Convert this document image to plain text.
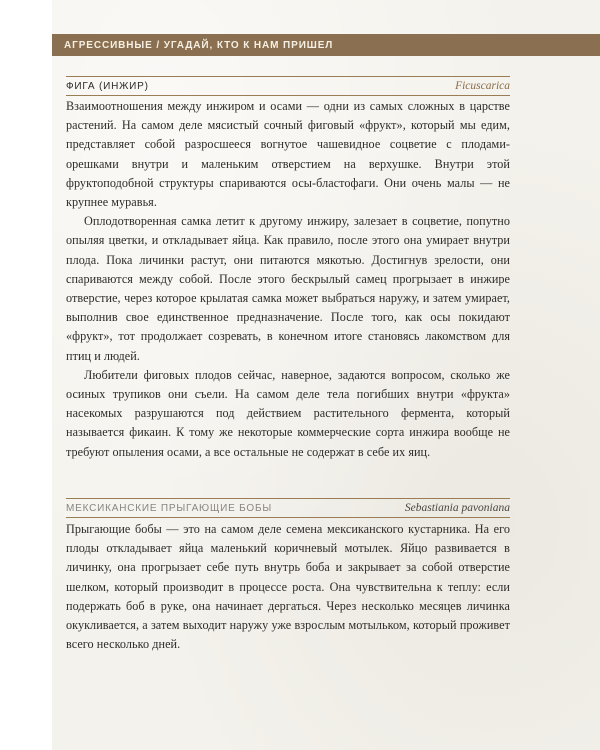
АГРЕССИВНЫЕ / УГАДАЙ, КТО К НАМ ПРИШЕЛ
ФИГА (ИНЖИР)	Ficuscarica

Взаимоотношения между инжиром и осами — одни из самых сложных в царстве растений. На самом деле мясистый сочный фиговый «фрукт», который мы едим, представляет собой разросшееся вогнутое чашевидное соцветие с плодами-орешками внутри и маленьким отверстием на верхушке. Внутри этой фруктоподобной структуры спариваются осы-бластофаги. Они очень малы — не крупнее муравья.

Оплодотворенная самка летит к другому инжиру, залезает в соцветие, попутно опыляя цветки, и откладывает яйца. Как правило, после этого она умирает внутри плода. Пока личинки растут, они питаются мякотью. Достигнув зрелости, они спариваются между собой. После этого бескрылый самец прогрызает в инжире отверстие, через которое крылатая самка может выбраться наружу, и затем умирает, выполнив свое единственное предназначение. После того, как осы покидают «фрукт», тот продолжает созревать, в конечном итоге становясь лакомством для птиц и людей.

Любители фиговых плодов сейчас, наверное, задаются вопросом, сколько же осиных трупиков они съели. На самом деле тела погибших внутри «фрукта» насекомых разрушаются под действием растительного фермента, который называется фикаин. К тому же некоторые коммерческие сорта инжира вообще не требуют опыления осами, а все остальные не содержат в себе их яиц.

МЕКСИКАНСКИЕ ПРЫГАЮЩИЕ БОБЫ	Sebastiania pavoniana

Прыгающие бобы — это на самом деле семена мексиканского кустарника. На его плоды откладывает яйца маленький коричневый мотылек. Яйцо развивается в личинку, она прогрызает себе путь внутрь боба и закрывает за собой отверстие шелком, который производит в процессе роста. Она чувствительна к теплу: если подержать боб в руке, она начинает дергаться. Через несколько месяцев личинка окукливается, а затем выходит наружу уже взрослым мотыльком, который проживет всего несколько дней.
